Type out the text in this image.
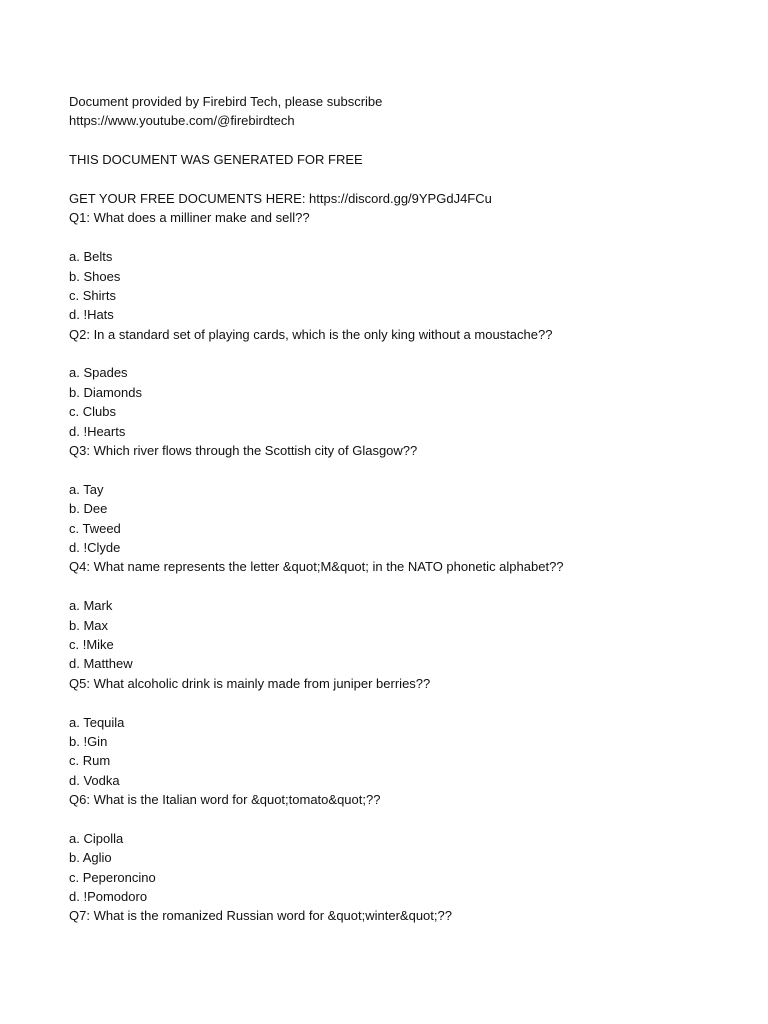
Document provided by Firebird Tech, please subscribe
https://www.youtube.com/@firebirdtech
THIS DOCUMENT WAS GENERATED FOR FREE
GET YOUR FREE DOCUMENTS HERE: https://discord.gg/9YPGdJ4FCu
Q1: What does a milliner make and sell??
a. Belts
b. Shoes
c. Shirts
d. !Hats
Q2: In a standard set of playing cards, which is the only king without a moustache??
a. Spades
b. Diamonds
c. Clubs
d. !Hearts
Q3: Which river flows through the Scottish city of Glasgow??
a. Tay
b. Dee
c. Tweed
d. !Clyde
Q4: What name represents the letter &quot;M&quot; in the NATO phonetic alphabet??
a. Mark
b. Max
c. !Mike
d. Matthew
Q5: What alcoholic drink is mainly made from juniper berries??
a. Tequila
b. !Gin
c. Rum
d. Vodka
Q6: What is the Italian word for &quot;tomato&quot;??
a. Cipolla
b. Aglio
c. Peperoncino
d. !Pomodoro
Q7: What is the romanized Russian word for &quot;winter&quot;??
